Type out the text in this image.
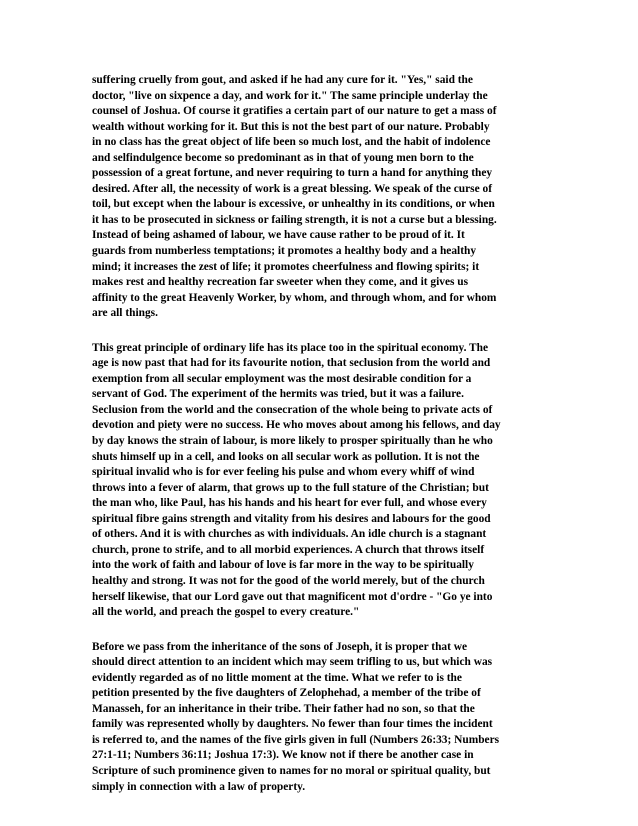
suffering cruelly from gout, and asked if he had any cure for it. "Yes," said the
doctor, "live on sixpence a day, and work for it." The same principle underlay the
counsel of Joshua. Of course it gratifies a certain part of our nature to get a mass of
wealth without working for it. But this is not the best part of our nature. Probably
in no class has the great object of life been so much lost, and the habit of indolence
and selfindulgence become so predominant as in that of young men born to the
possession of a great fortune, and never requiring to turn a hand for anything they
desired. After all, the necessity of work is a great blessing. We speak of the curse of
toil, but except when the labour is excessive, or unhealthy in its conditions, or when
it has to be prosecuted in sickness or failing strength, it is not a curse but a blessing.
Instead of being ashamed of labour, we have cause rather to be proud of it. It
guards from numberless temptations; it promotes a healthy body and a healthy
mind; it increases the zest of life; it promotes cheerfulness and flowing spirits; it
makes rest and healthy recreation far sweeter when they come, and it gives us
affinity to the great Heavenly Worker, by whom, and through whom, and for whom
are all things.
This great principle of ordinary life has its place too in the spiritual economy. The
age is now past that had for its favourite notion, that seclusion from the world and
exemption from all secular employment was the most desirable condition for a
servant of God. The experiment of the hermits was tried, but it was a failure.
Seclusion from the world and the consecration of the whole being to private acts of
devotion and piety were no success. He who moves about among his fellows, and day
by day knows the strain of labour, is more likely to prosper spiritually than he who
shuts himself up in a cell, and looks on all secular work as pollution. It is not the
spiritual invalid who is for ever feeling his pulse and whom every whiff of wind
throws into a fever of alarm, that grows up to the full stature of the Christian; but
the man who, like Paul, has his hands and his heart for ever full, and whose every
spiritual fibre gains strength and vitality from his desires and labours for the good
of others. And it is with churches as with individuals. An idle church is a stagnant
church, prone to strife, and to all morbid experiences. A church that throws itself
into the work of faith and labour of love is far more in the way to be spiritually
healthy and strong. It was not for the good of the world merely, but of the church
herself likewise, that our Lord gave out that magnificent mot d'ordre - "Go ye into
all the world, and preach the gospel to every creature."
Before we pass from the inheritance of the sons of Joseph, it is proper that we
should direct attention to an incident which may seem trifling to us, but which was
evidently regarded as of no little moment at the time. What we refer to is the
petition presented by the five daughters of Zelophehad, a member of the tribe of
Manasseh, for an inheritance in their tribe. Their father had no son, so that the
family was represented wholly by daughters. No fewer than four times the incident
is referred to, and the names of the five girls given in full (Numbers 26:33; Numbers
27:1-11; Numbers 36:11; Joshua 17:3). We know not if there be another case in
Scripture of such prominence given to names for no moral or spiritual quality, but
simply in connection with a law of property.
